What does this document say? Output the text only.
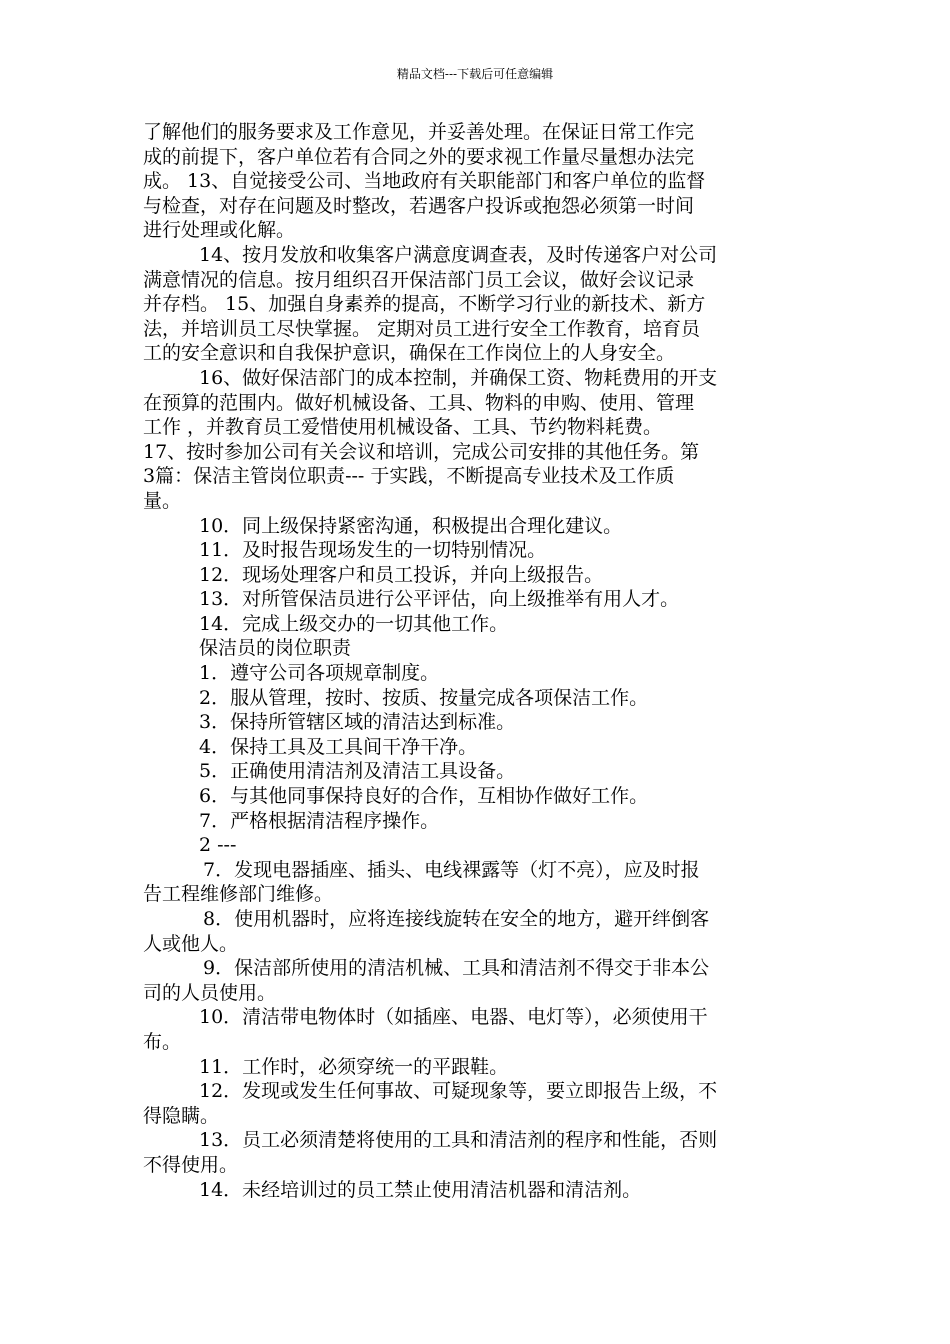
精品文档---下载后可任意编辑
了解他们的服务要求及工作意见，并妥善处理。在保证日常工作完
成的前提下，客户单位若有合同之外的要求视工作量尽量想办法完
成。 13、自觉接受公司、当地政府有关职能部门和客户单位的监督
与检查，对存在问题及时整改，若遇客户投诉或抱怨必须第一时间
进行处理或化解。
14、按月发放和收集客户满意度调查表，及时传递客户对公司
满意情况的信息。按月组织召开保洁部门员工会议，做好会议记录
并存档。 15、加强自身素养的提高，不断学习行业的新技术、新方
法，并培训员工尽快掌握。 定期对员工进行安全工作教育，培育员
工的安全意识和自我保护意识，确保在工作岗位上的人身安全。
16、做好保洁部门的成本控制，并确保工资、物耗费用的开支
在预算的范围内。做好机械设备、工具、物料的申购、使用、管理
工作 ，并教育员工爱惜使用机械设备、工具、节约物料耗费。
17、按时参加公司有关会议和培训，完成公司安排的其他任务。第
3篇：保洁主管岗位职责--- 于实践，不断提高专业技术及工作质
量。
10．同上级保持紧密沟通，积极提出合理化建议。
11．及时报告现场发生的一切特别情况。
12．现场处理客户和员工投诉，并向上级报告。
13．对所管保洁员进行公平评估，向上级推举有用人才。
14．完成上级交办的一切其他工作。
保洁员的岗位职责
1．遵守公司各项规章制度。
2．服从管理，按时、按质、按量完成各项保洁工作。
3．保持所管辖区域的清洁达到标准。
4．保持工具及工具间干净干净。
5．正确使用清洁剂及清洁工具设备。
6．与其他同事保持良好的合作，互相协作做好工作。
7．严格根据清洁程序操作。
2 ---
7．发现电器插座、插头、电线裸露等（灯不亮），应及时报
告工程维修部门维修。
8．使用机器时，应将连接线旋转在安全的地方，避开绊倒客
人或他人。
9．保洁部所使用的清洁机械、工具和清洁剂不得交于非本公
司的人员使用。
10．清洁带电物体时（如插座、电器、电灯等），必须使用干
布。
11．工作时，必须穿统一的平跟鞋。
12．发现或发生任何事故、可疑现象等，要立即报告上级，不
得隐瞒。
13．员工必须清楚将使用的工具和清洁剂的程序和性能，否则
不得使用。
14．未经培训过的员工禁止使用清洁机器和清洁剂。
